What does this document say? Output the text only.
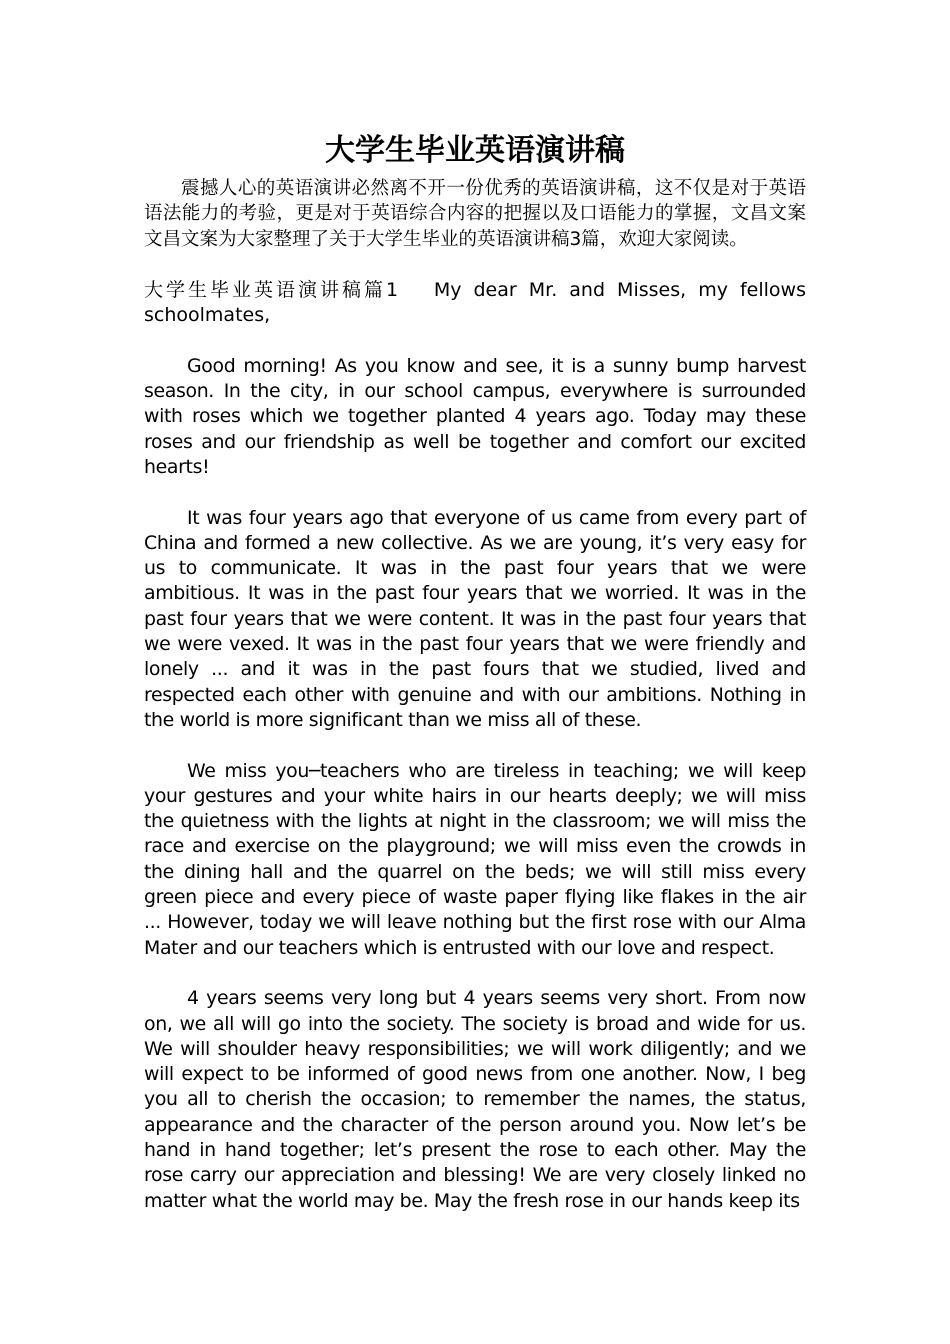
大学生毕业英语演讲稿

震撼人心的英语演讲必然离不开一份优秀的英语演讲稿，这不仅是对于英语语法能力的考验，更是对于英语综合内容的把握以及口语能力的掌握，文昌文案文昌文案为大家整理了关于大学生毕业的英语演讲稿3篇，欢迎大家阅读。

大学生毕业英语演讲稿篇1 My dear Mr. and Misses, my fellows
schoolmates,

Good morning! As you know and see, it is a sunny bump harvest season. In the city, in our school campus, everywhere is surrounded with roses which we together planted 4 years ago. Today may these roses and our friendship as well be together and comfort our excited hearts!

It was four years ago that everyone of us came from every part of China and formed a new collective. As we are young, it’s very easy for us to communicate. It was in the past four years that we were ambitious. It was in the past four years that we worried. It was in the past four years that we were content. It was in the past four years that we were vexed. It was in the past four years that we were friendly and lonely ... and it was in the past fours that we studied, lived and respected each other with genuine and with our ambitions. Nothing in the world is more significant than we miss all of these.

We miss you─teachers who are tireless in teaching; we will keep your gestures and your white hairs in our hearts deeply; we will miss the quietness with the lights at night in the classroom; we will miss the race and exercise on the playground; we will miss even the crowds in the dining hall and the quarrel on the beds; we will still miss every green piece and every piece of waste paper flying like flakes in the air ... However, today we will leave nothing but the first rose with our Alma Mater and our teachers which is entrusted with our love and respect.

4 years seems very long but 4 years seems very short. From now on, we all will go into the society. The society is broad and wide for us. We will shoulder heavy responsibilities; we will work diligently; and we will expect to be informed of good news from one another. Now, I beg you all to cherish the occasion; to remember the names, the status, appearance and the character of the person around you. Now let’s be hand in hand together; let’s present the rose to each other. May the rose carry our appreciation and blessing! We are very closely linked no matter what the world may be. May the fresh rose in our hands keep its
